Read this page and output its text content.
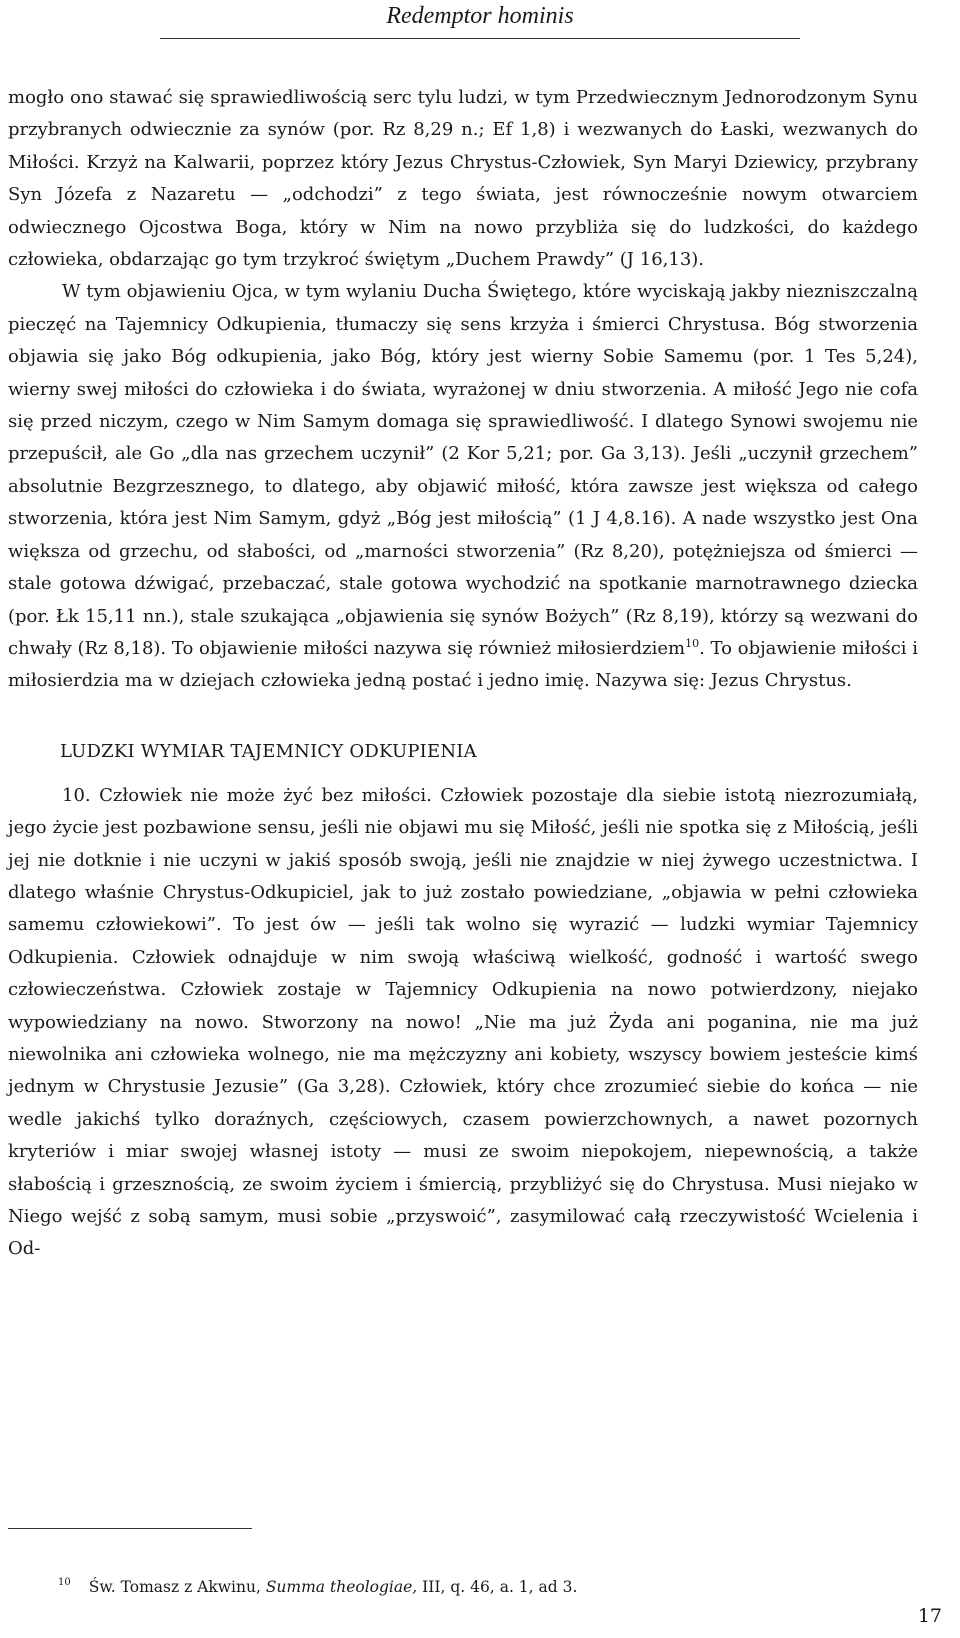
Redemptor hominis

mogło ono stawać się sprawiedliwością serc tylu ludzi, w tym Przedwiecznym Jednorodzonym Synu przybranych odwiecznie za synów (por. Rz 8,29 n.; Ef 1,8) i wezwanych do Łaski, wezwanych do Miłości. Krzyż na Kalwarii, poprzez który Jezus Chrystus-Człowiek, Syn Maryi Dziewicy, przybrany Syn Józefa z Nazaretu — „odchodzi” z tego świata, jest równocześnie nowym otwarciem odwiecznego Ojcostwa Boga, który w Nim na nowo przybliża się do ludzkości, do każdego człowieka, obdarzając go tym trzykroć świętym „Duchem Prawdy” (J 16,13).

W tym objawieniu Ojca, w tym wylaniu Ducha Świętego, które wyciskają jakby niezniszczalną pieczęć na Tajemnicy Odkupienia, tłumaczy się sens krzyża i śmierci Chrystusa. Bóg stworzenia objawia się jako Bóg odkupienia, jako Bóg, który jest wierny Sobie Samemu (por. 1 Tes 5,24), wierny swej miłości do człowieka i do świata, wyrażonej w dniu stworzenia. A miłość Jego nie cofa się przed niczym, czego w Nim Samym domaga się sprawiedliwość. I dlatego Synowi swojemu nie przepuścił, ale Go „dla nas grzechem uczynił” (2 Kor 5,21; por. Ga 3,13). Jeśli „uczynił grzechem” absolutnie Bezgrzesznego, to dlatego, aby objawić miłość, która zawsze jest większa od całego stworzenia, która jest Nim Samym, gdyż „Bóg jest miłością” (1 J 4,8.16). A nade wszystko jest Ona większa od grzechu, od słabości, od „marności stworzenia” (Rz 8,20), potężniejsza od śmierci — stale gotowa dźwigać, przebaczać, stale gotowa wychodzić na spotkanie marnotrawnego dziecka (por. Łk 15,11 nn.), stale szukająca „objawienia się synów Bożych” (Rz 8,19), którzy są wezwani do chwały (Rz 8,18). To objawienie miłości nazywa się również miłosierdziem$^{10}$. To objawienie miłości i miłosierdzia ma w dziejach człowieka jedną postać i jedno imię. Nazywa się: Jezus Chrystus.

LUDZKI WYMIAR TAJEMNICY ODKUPIENIA

10. Człowiek nie może żyć bez miłości. Człowiek pozostaje dla siebie istotą niezrozumiałą, jego życie jest pozbawione sensu, jeśli nie objawi mu się Miłość, jeśli nie spotka się z Miłością, jeśli jej nie dotknie i nie uczyni w jakiś sposób swoją, jeśli nie znajdzie w niej żywego uczestnictwa. I dlatego właśnie Chrystus-Odkupiciel, jak to już zostało powiedziane, „objawia w pełni człowieka samemu człowiekowi”. To jest ów — jeśli tak wolno się wyrazić — ludzki wymiar Tajemnicy Odkupienia. Człowiek odnajduje w nim swoją właściwą wielkość, godność i wartość swego człowieczeństwa. Człowiek zostaje w Tajemnicy Odkupienia na nowo potwierdzony, niejako wypowiedziany na nowo. Stworzony na nowo! „Nie ma już Żyda ani poganina, nie ma już niewolnika ani człowieka wolnego, nie ma mężczyzny ani kobiety, wszyscy bowiem jesteście kimś jednym w Chrystusie Jezusie” (Ga 3,28). Człowiek, który chce zrozumieć siebie do końca — nie wedle jakichś tylko doraźnych, częściowych, czasem powierzchownych, a nawet pozornych kryteriów i miar swojej własnej istoty — musi ze swoim niepokojem, niepewnością, a także słabością i grzesznością, ze swoim życiem i śmiercią, przybliżyć się do Chrystusa. Musi niejako w Niego wejść z sobą samym, musi sobie „przyswoić”, zasymilować całą rzeczywistość Wcielenia i Od-

$^{10}$ Św. Tomasz z Akwinu, Summa theologiae, III, q. 46, a. 1, ad 3.
17
